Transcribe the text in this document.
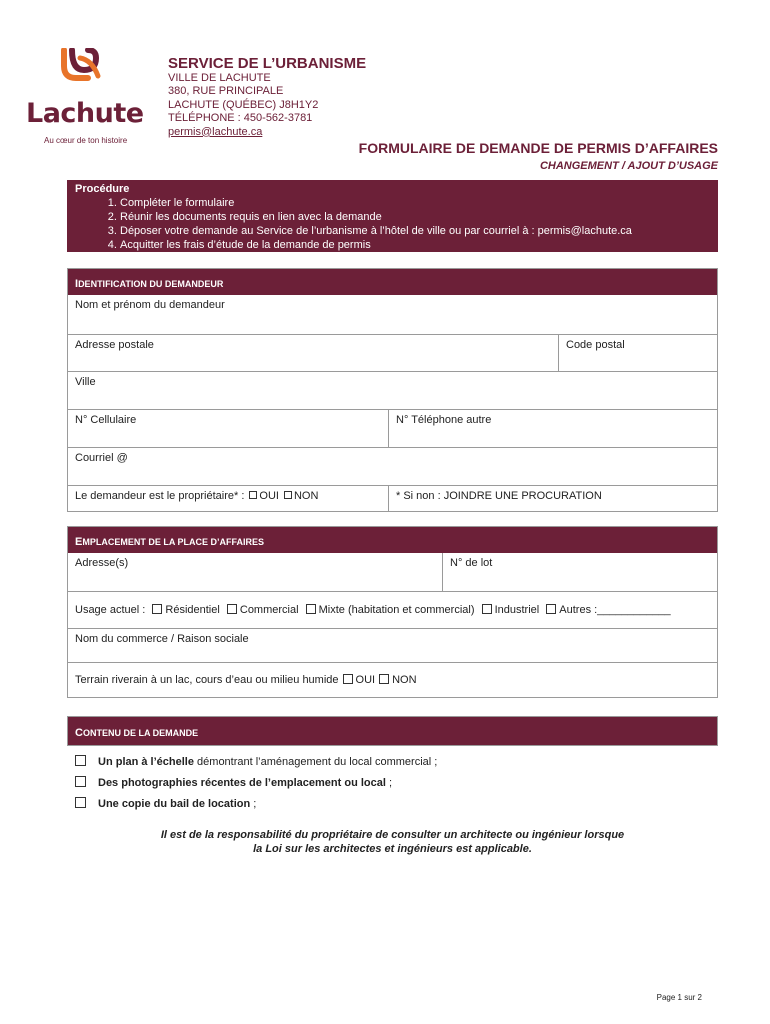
Lachute
Au cœur de ton histoire
SERVICE DE L’URBANISME
VILLE DE LACHUTE
380, RUE PRINCIPALE
LACHUTE (QUÉBEC) J8H1Y2
TÉLÉPHONE : 450-562-3781
permis@lachute.ca
FORMULAIRE DE DEMANDE DE PERMIS D’AFFAIRES
CHANGEMENT / AJOUT D’USAGE
Procédure
1. Compléter le formulaire
2. Réunir les documents requis en lien avec la demande
3. Déposer votre demande au Service de l’urbanisme à l’hôtel de ville ou par courriel à : permis@lachute.ca
4. Acquitter les frais d’étude de la demande de permis
IDENTIFICATION DU DEMANDEUR
Nom et prénom du demandeur
Adresse postale	Code postal
Ville
N° Cellulaire	N° Téléphone autre
Courriel @
Le demandeur est le propriétaire* : OUI NON	* Si non : JOINDRE UNE PROCURATION
EMPLACEMENT DE LA PLACE D’AFFAIRES
Adresse(s)	N° de lot
Usage actuel : Résidentiel Commercial Mixte (habitation et commercial) Industriel Autres :____________
Nom du commerce / Raison sociale
Terrain riverain à un lac, cours d’eau ou milieu humide OUI NON
CONTENU DE LA DEMANDE
Un plan à l’échelle démontrant l’aménagement du local commercial ;
Des photographies récentes de l’emplacement ou local ;
Une copie du bail de location ;
Il est de la responsabilité du propriétaire de consulter un architecte ou ingénieur lorsque
la Loi sur les architectes et ingénieurs est applicable.
Page 1 sur 2
